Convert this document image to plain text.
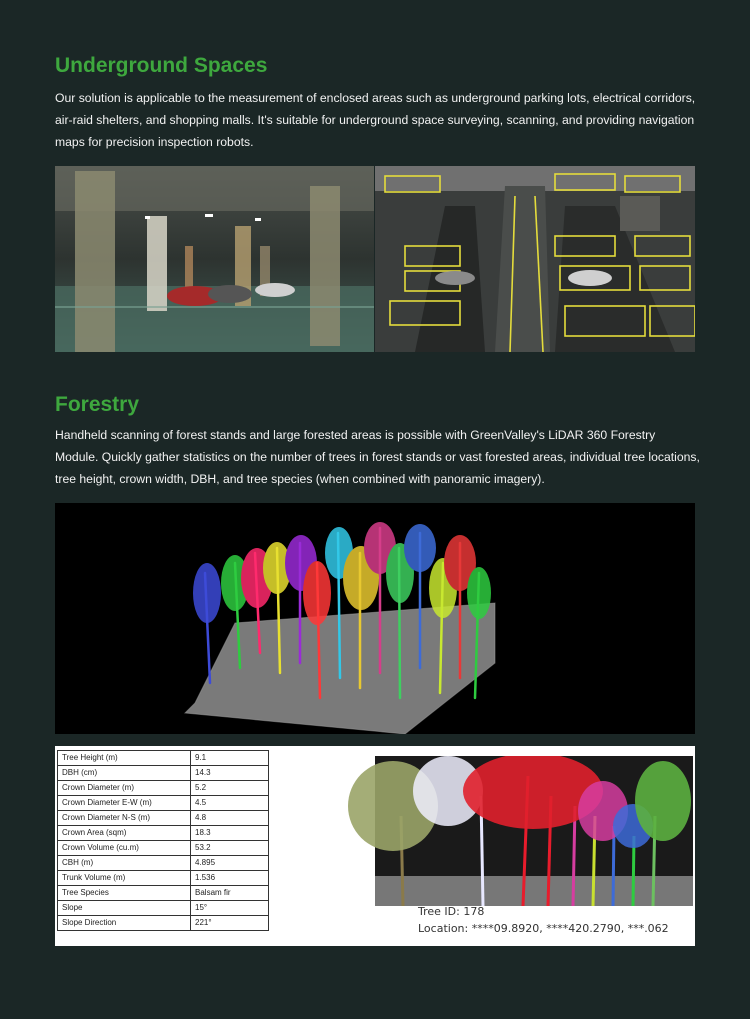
Underground Spaces

Our solution is applicable to the measurement of enclosed areas such as underground parking lots, electrical corridors, air-raid shelters, and shopping malls. It's suitable for underground space surveying, scanning, and providing navigation maps for precision inspection robots.

Forestry

Handheld scanning of forest stands and large forested areas is possible with GreenValley's LiDAR 360 Forestry Module. Quickly gather statistics on the number of trees in forest stands or vast forested areas, individual tree locations, tree height, crown width, DBH, and tree species (when combined with panoramic imagery).

Tree Height (m)	9.1
DBH (cm)	14.3
Crown Diameter (m)	5.2
Crown Diameter E-W (m)	4.5
Crown Diameter N-S (m)	4.8
Crown Area (sqm)	18.3
Crown Volume (cu.m)	53.2
CBH (m)	4.895
Trunk Volume (m)	1.536
Tree Species	Balsam fir
Slope	15°
Slope Direction	221°
Tree ID: 178
Location: ****09.8920, ****420.2790, ***.062
